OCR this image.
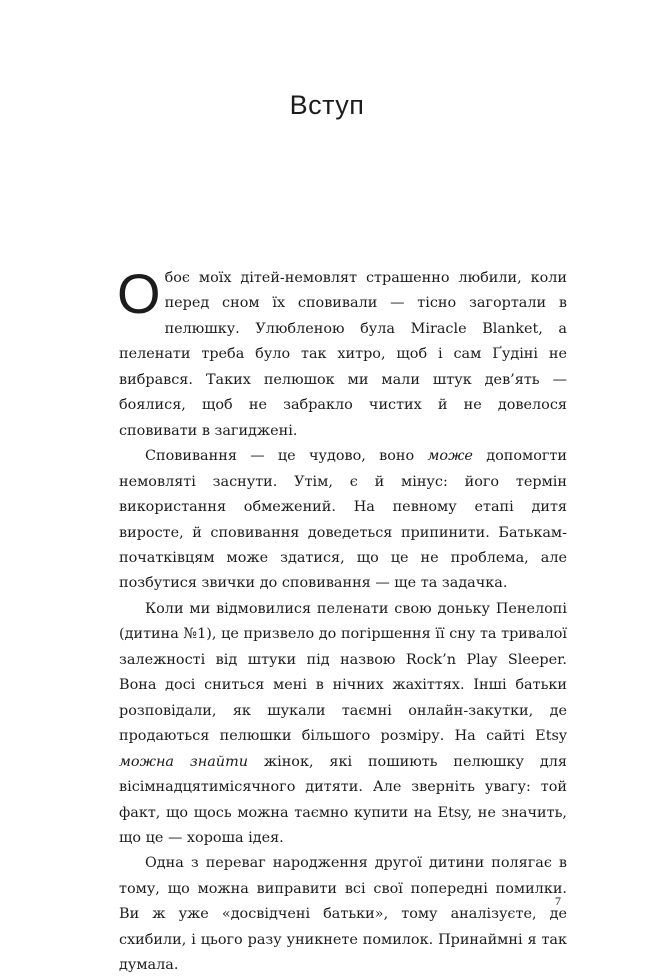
Вступ

Обоє моїх дітей-немовлят страшенно любили, коли перед сном їх сповивали — тісно загортали в пелюшку. Улюбленою була Miracle Blanket, а пеленати треба було так хитро, щоб і сам Ґудіні не вибрався. Таких пелюшок ми мали штук дев’ять — боялися, щоб не забракло чистих й не довелося сповивати в загиджені.

Сповивання — це чудово, воно може допомогти немовляті заснути. Утім, є й мінус: його термін використання обмежений. На певному етапі дитя виросте, й сповивання доведеться припинити. Батькам-початківцям може здатися, що це не проблема, але позбутися звички до сповивання — ще та задачка.

Коли ми відмовилися пеленати свою доньку Пенелопі (дитина №1), це призвело до погіршення її сну та тривалої залежності від штуки під назвою Rock’n Play Sleeper. Вона досі сниться мені в нічних жахіттях. Інші батьки розповідали, як шукали таємні онлайн-закутки, де продаються пелюшки більшого розміру. На сайті Etsy можна знайти жінок, які пошиють пелюшку для вісімнадцятимісячного дитяти. Але зверніть увагу: той факт, що щось можна таємно купити на Etsy, не значить, що це — хороша ідея.

Одна з переваг народження другої дитини полягає в тому, що можна виправити всі свої попередні помилки. Ви ж уже «досвідчені батьки», тому аналізуєте, де схибили, і цього разу уникнете помилок. Принаймні я так думала.

7
